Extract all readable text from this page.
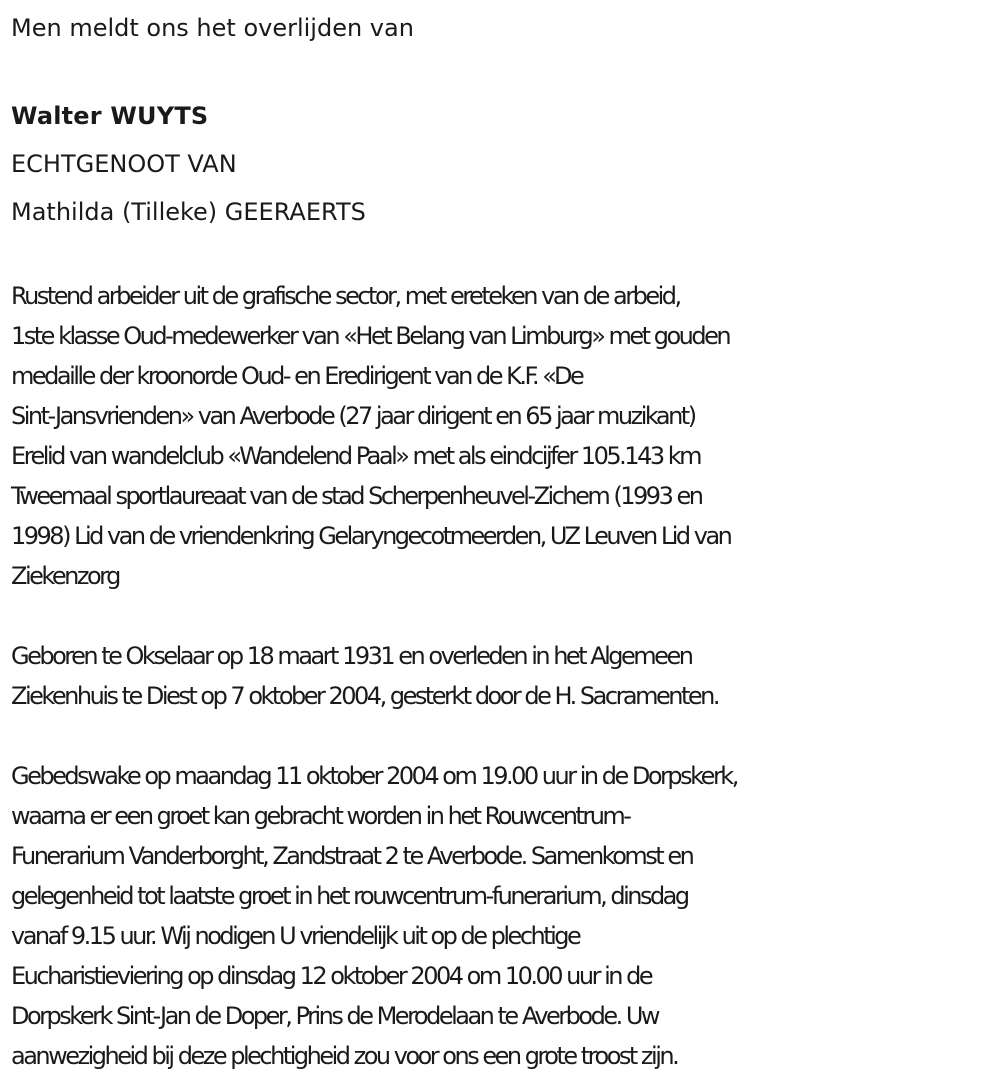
Men meldt ons het overlijden van

Walter WUYTS

ECHTGENOOT VAN

Mathilda (Tilleke) GEERAERTS

Rustend arbeider uit de grafische sector, met ereteken van de arbeid,
1ste klasse Oud-medewerker van «Het Belang van Limburg» met gouden
medaille der kroonorde Oud- en Eredirigent van de K.F. «De
Sint-Jansvrienden» van Averbode (27 jaar dirigent en 65 jaar muzikant)
Erelid van wandelclub «Wandelend Paal» met als eindcijfer 105.143 km
Tweemaal sportlaureaat van de stad Scherpenheuvel-Zichem (1993 en
1998) Lid van de vriendenkring Gelaryngecotmeerden, UZ Leuven Lid van
Ziekenzorg

Geboren te Okselaar op 18 maart 1931 en overleden in het Algemeen
Ziekenhuis te Diest op 7 oktober 2004, gesterkt door de H. Sacramenten.

Gebedswake op maandag 11 oktober 2004 om 19.00 uur in de Dorpskerk,
waarna er een groet kan gebracht worden in het Rouwcentrum-
Funerarium Vanderborght, Zandstraat 2 te Averbode. Samenkomst en
gelegenheid tot laatste groet in het rouwcentrum-funerarium, dinsdag
vanaf 9.15 uur. Wij nodigen U vriendelijk uit op de plechtige
Eucharistieviering op dinsdag 12 oktober 2004 om 10.00 uur in de
Dorpskerk Sint-Jan de Doper, Prins de Merodelaan te Averbode. Uw
aanwezigheid bij deze plechtigheid zou voor ons een grote troost zijn.
